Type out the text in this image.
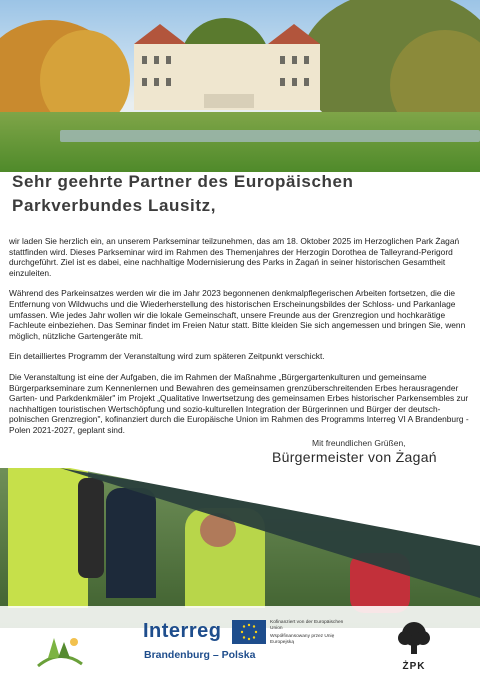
Sehr geehrte Partner des Europäischen
Parkverbundes Lausitz,

wir laden Sie herzlich ein, an unserem Parkseminar teilzunehmen, das am 18. Oktober 2025 im Herzoglichen Park Żagań stattfinden wird. Dieses Parkseminar wird im Rahmen des Themenjahres der Herzogin Dorothea de Talleyrand-Perigord durchgeführt. Ziel ist es dabei, eine nachhaltige Modernisierung des Parks in Żagań in seiner historischen Gesamtheit einzuleiten.

Während des Parkeinsatzes werden wir die im Jahr 2023 begonnenen denkmalpflegerischen Arbeiten fortsetzen, die die Entfernung von Wildwuchs und die Wiederherstellung des historischen Erscheinungsbildes der Schloss- und Parkanlage umfassen. Wie jedes Jahr wollen wir die lokale Gemeinschaft, unsere Freunde aus der Grenzregion und hochkarätige Fachleute einbeziehen. Das Seminar findet im Freien Natur statt. Bitte kleiden Sie sich angemessen und bringen Sie, wenn möglich, nützliche Gartengeräte mit.

Ein detailliertes Programm der Veranstaltung wird zum späteren Zeitpunkt verschickt.

Die Veranstaltung ist eine der Aufgaben, die im Rahmen der Maßnahme „Bürgergartenkulturen und gemeinsame Bürgerparkseminare zum Kennenlernen und Bewahren des gemeinsamen grenzüberschreitenden Erbes herausragender Garten- und Parkdenkmäler" im Projekt „Qualitative Inwertsetzung des gemeinsamen Erbes historischer Parkensembles zur nachhaltigen touristischen Wertschöpfung und sozio-kulturellen Integration der Bürgerinnen und Bürger der deutsch-polnischen Grenzregion", kofinanziert durch die Europäische Union im Rahmen des Programms Interreg VI A Brandenburg - Polen 2021-2027, geplant sind.

Mit freundlichen Grüßen,
Bürgermeister von Żagań
Interreg
Brandenburg – Polska
Kofinanziert von der Europäischen Union
Współfinansowany przez Unię Europejską
ŻPK
